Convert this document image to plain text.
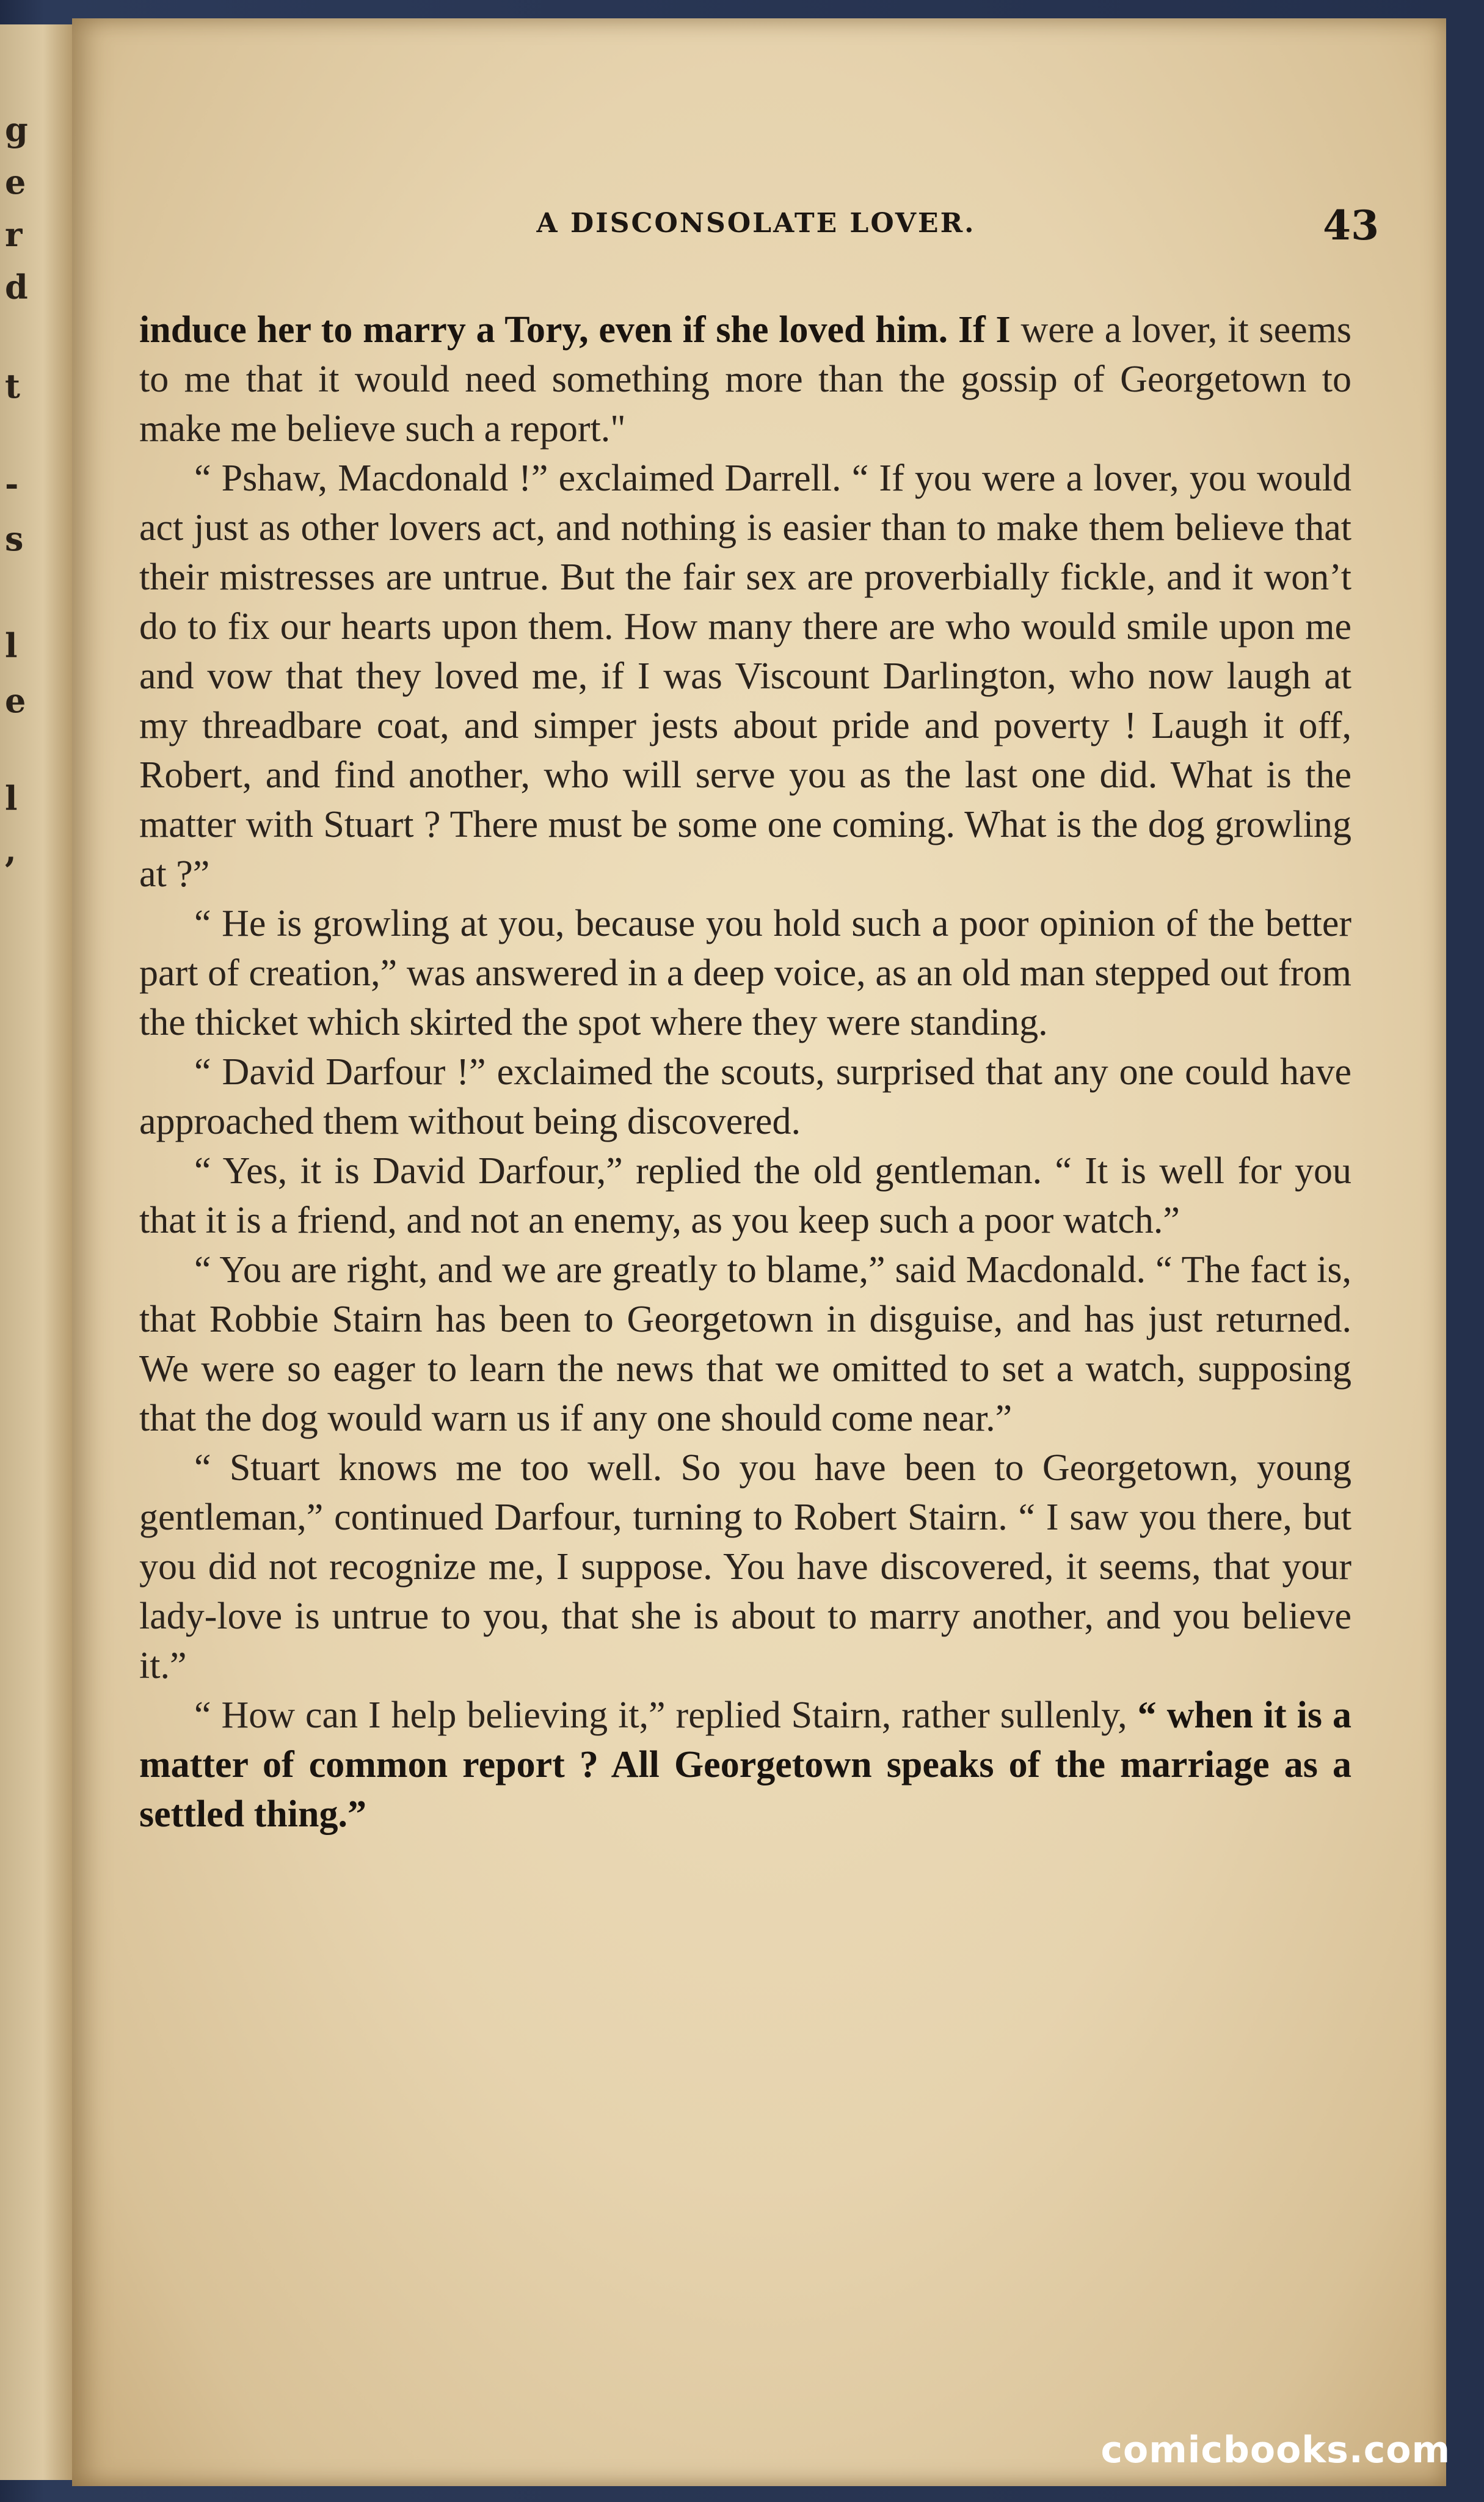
g
e
r
d
t
-
s
l
e
l
,
A DISCONSOLATE LOVER.	43

induce her to marry a Tory, even if she loved him. If I were a lover, it seems to me that it would need something more than the gossip of Georgetown to make me believe such a report."

“ Pshaw, Macdonald !” exclaimed Darrell. “ If you were a lover, you would act just as other lovers act, and nothing is easier than to make them believe that their mistresses are untrue. But the fair sex are proverbially fickle, and it won’t do to fix our hearts upon them. How many there are who would smile upon me and vow that they loved me, if I was Viscount Darlington, who now laugh at my threadbare coat, and simper jests about pride and poverty ! Laugh it off, Robert, and find another, who will serve you as the last one did. What is the matter with Stuart ? There must be some one coming. What is the dog growling at ?”

“ He is growling at you, because you hold such a poor opinion of the better part of creation,” was answered in a deep voice, as an old man stepped out from the thicket which skirted the spot where they were standing.

“ David Darfour !” exclaimed the scouts, surprised that any one could have approached them without being discovered.

“ Yes, it is David Darfour,” replied the old gentleman. “ It is well for you that it is a friend, and not an enemy, as you keep such a poor watch.”

“ You are right, and we are greatly to blame,” said Macdonald. “ The fact is, that Robbie Stairn has been to Georgetown in disguise, and has just returned. We were so eager to learn the news that we omitted to set a watch, supposing that the dog would warn us if any one should come near.”

“ Stuart knows me too well. So you have been to Georgetown, young gentleman,” continued Darfour, turning to Robert Stairn. “ I saw you there, but you did not recognize me, I suppose. You have discovered, it seems, that your lady-love is untrue to you, that she is about to marry another, and you believe it.”

“ How can I help believing it,” replied Stairn, rather sullenly, “ when it is a matter of common report ? All Georgetown speaks of the marriage as a settled thing.”

comicbooks.com
